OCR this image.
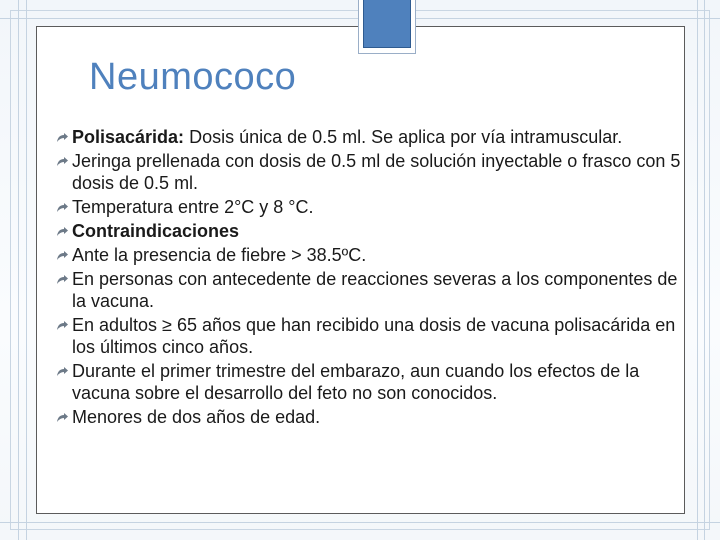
Neumococo
Polisacárida: Dosis única de 0.5 ml. Se aplica por vía intramuscular.
Jeringa prellenada con dosis de 0.5 ml de solución inyectable o frasco con 5 dosis de 0.5 ml.
Temperatura entre 2°C y 8 °C.
Contraindicaciones
Ante la presencia de fiebre > 38.5ºC.
En personas con antecedente de reacciones severas a los componentes de la vacuna.
En adultos ≥ 65 años que han recibido una dosis de vacuna polisacárida en los últimos cinco años.
Durante el primer trimestre del embarazo, aun cuando los efectos de la vacuna sobre el desarrollo del feto no son conocidos.
Menores de dos años de edad.
